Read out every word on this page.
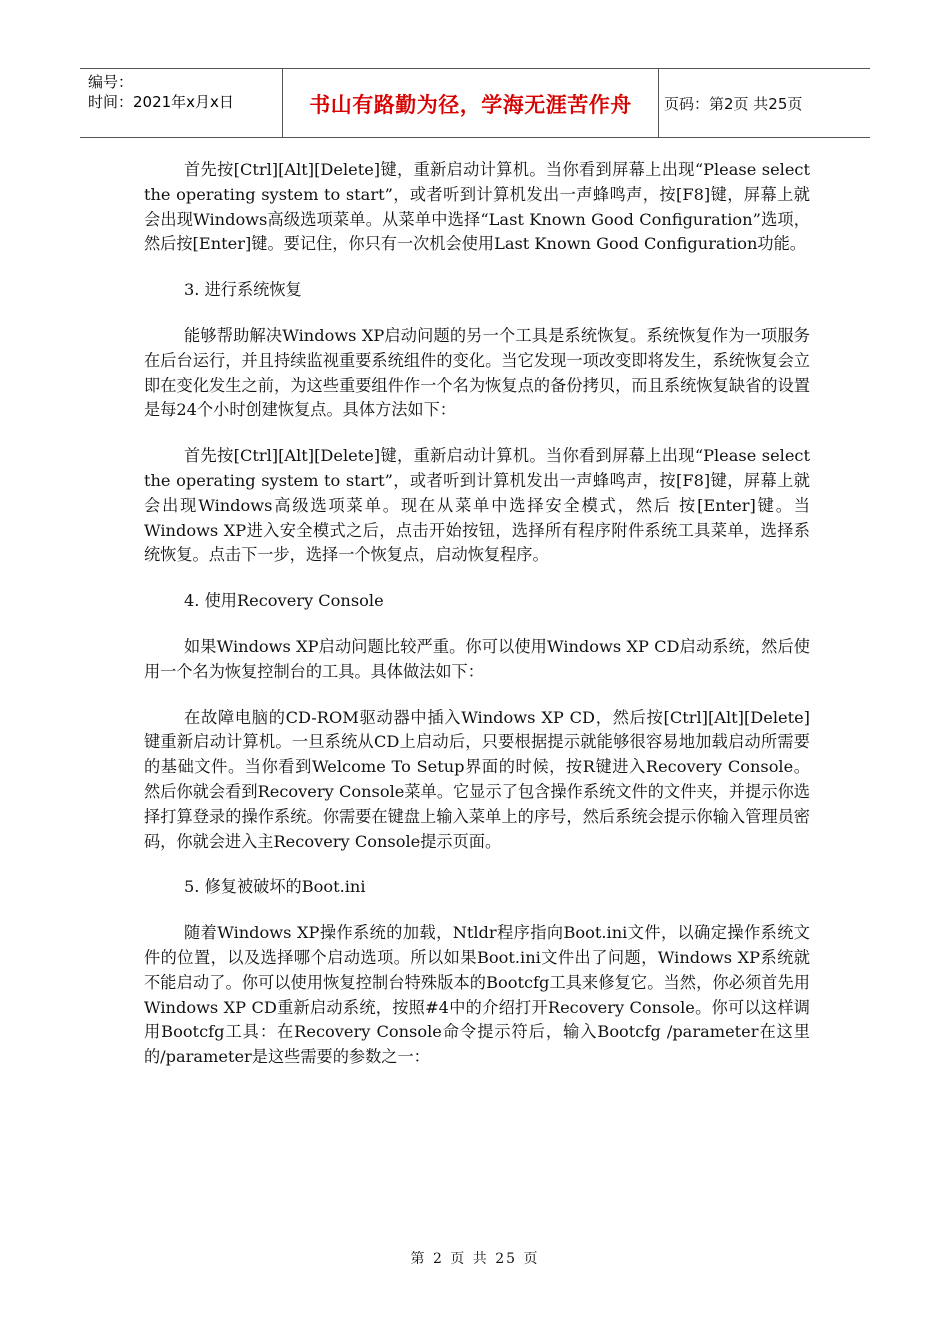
编号：
时间：2021年x月x日	书山有路勤为径，学海无涯苦作舟 页码：第2页 共25页

首先按[Ctrl][Alt][Delete]键，重新启动计算机。当你看到屏幕上出现“Please select the operating system to start”，或者听到计算机发出一声蜂鸣声，按[F8]键，屏幕上就会出现Windows高级选项菜单。从菜单中选择“Last Known Good Configuration”选项，然后按[Enter]键。要记住，你只有一次机会使用Last Known Good Configuration功能。

3. 进行系统恢复

能够帮助解决Windows XP启动问题的另一个工具是系统恢复。系统恢复作为一项服务在后台运行，并且持续监视重要系统组件的变化。当它发现一项改变即将发生，系统恢复会立即在变化发生之前，为这些重要组件作一个名为恢复点的备份拷贝，而且系统恢复缺省的设置是每24个小时创建恢复点。具体方法如下：

首先按[Ctrl][Alt][Delete]键，重新启动计算机。当你看到屏幕上出现“Please select the operating system to start”，或者听到计算机发出一声蜂鸣声，按[F8]键，屏幕上就会出现Windows高级选项菜单。现在从菜单中选择安全模式，然后 按[Enter]键。当Windows XP进入安全模式之后，点击开始按钮，选择所有程序附件系统工具菜单，选择系统恢复。点击下一步，选择一个恢复点，启动恢复程序。

4. 使用Recovery Console

如果Windows XP启动问题比较严重。你可以使用Windows XP CD启动系统，然后使用一个名为恢复控制台的工具。具体做法如下：

在故障电脑的CD-ROM驱动器中插入Windows XP CD，然后按[Ctrl][Alt][Delete]键重新启动计算机。一旦系统从CD上启动后，只要根据提示就能够很容易地加载启动所需要的基础文件。当你看到Welcome To Setup界面的时候，按R键进入Recovery Console。然后你就会看到Recovery Console菜单。它显示了包含操作系统文件的文件夹，并提示你选择打算登录的操作系统。你需要在键盘上输入菜单上的序号，然后系统会提示你输入管理员密码，你就会进入主Recovery Console提示页面。

5. 修复被破坏的Boot.ini

随着Windows XP操作系统的加载，Ntldr程序指向Boot.ini文件，以确定操作系统文件的位置，以及选择哪个启动选项。所以如果Boot.ini文件出了问题，Windows XP系统就不能启动了。你可以使用恢复控制台特殊版本的Bootcfg工具来修复它。当然，你必须首先用Windows XP CD重新启动系统，按照#4中的介绍打开Recovery Console。你可以这样调用Bootcfg工具：在Recovery Console命令提示符后，输入Bootcfg /parameter在这里的/parameter是这些需要的参数之一：

第 2 页 共 25 页
